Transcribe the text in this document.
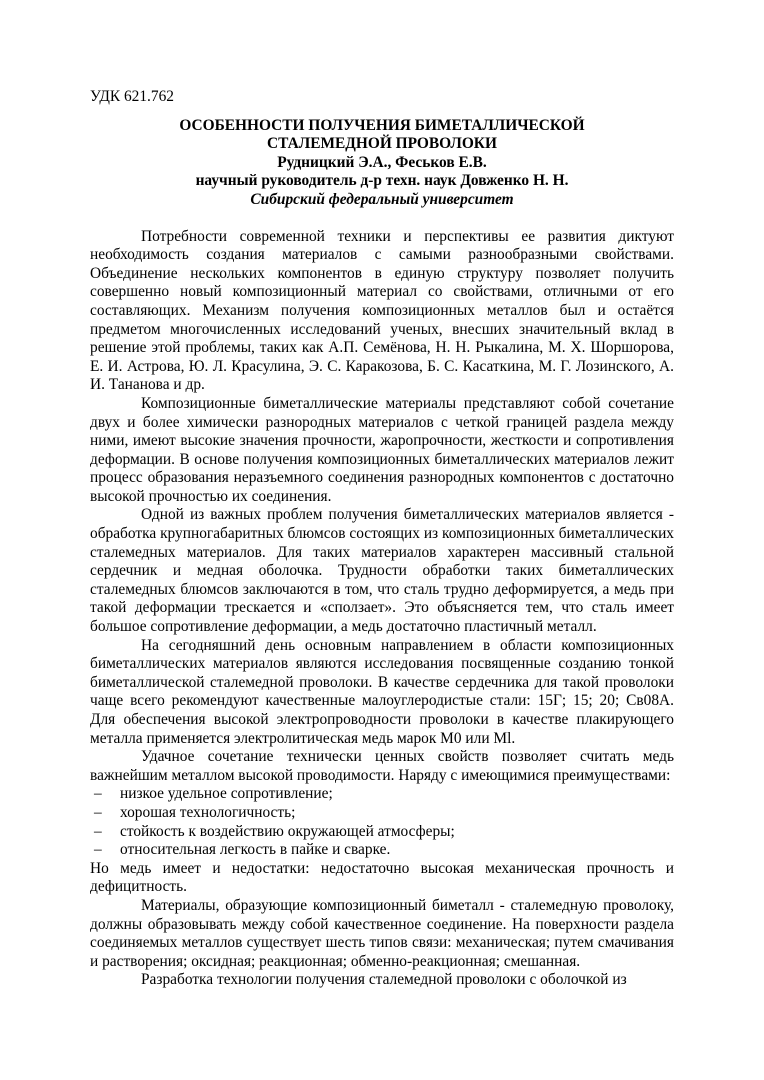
УДК 621.762

ОСОБЕННОСТИ ПОЛУЧЕНИЯ БИМЕТАЛЛИЧЕСКОЙ СТАЛЕМЕДНОЙ ПРОВОЛОКИ

Рудницкий Э.А., Феськов Е.В.

научный руководитель д-р техн. наук Довженко Н. Н.

Сибирский федеральный университет

Потребности современной техники и перспективы ее развития диктуют необходимость создания материалов с самыми разнообразными свойствами. Объединение нескольких компонентов в единую структуру позволяет получить совершенно новый композиционный материал со свойствами, отличными от его составляющих. Механизм получения композиционных металлов был и остаётся предметом многочисленных исследований ученых, внесших значительный вклад в решение этой проблемы, таких как А.П. Семёнова, Н. Н. Рыкалина, М. Х. Шоршорова, Е. И. Астрова, Ю. Л. Красулина, Э. С. Каракозова, Б. С. Касаткина, М. Г. Лозинского, А. И. Тананова и др.

Композиционные биметаллические материалы представляют собой сочетание двух и более химически разнородных материалов с четкой границей раздела между ними, имеют высокие значения прочности, жаропрочности, жесткости и сопротивления деформации. В основе получения композиционных биметаллических материалов лежит процесс образования неразъемного соединения разнородных компонентов с достаточно высокой прочностью их соединения.

Одной из важных проблем получения биметаллических материалов является - обработка крупногабаритных блюмсов состоящих из композиционных биметаллических сталемедных материалов. Для таких материалов характерен массивный стальной сердечник и медная оболочка. Трудности обработки таких биметаллических сталемедных блюмсов заключаются в том, что сталь трудно деформируется, а медь при такой деформации трескается и «сползает». Это объясняется тем, что сталь имеет большое сопротивление деформации, а медь достаточно пластичный металл.

На сегодняшний день основным направлением в области композиционных биметаллических материалов являются исследования посвященные созданию тонкой биметаллической сталемедной проволоки. В качестве сердечника для такой проволоки чаще всего рекомендуют качественные малоуглеродистые стали: 15Г; 15; 20; Св08А. Для обеспечения высокой электропроводности проволоки в качестве плакирующего металла применяется электролитическая медь марок М0 или Ml.

Удачное сочетание технически ценных свойств позволяет считать медь важнейшим металлом высокой проводимости. Наряду с имеющимися преимуществами:

– низкое удельное сопротивление;
– хорошая технологичность;
– стойкость к воздействию окружающей атмосферы;
– относительная легкость в пайке и сварке.

Но медь имеет и недостатки: недостаточно высокая механическая прочность и дефицитность.

Материалы, образующие композиционный биметалл - сталемедную проволоку, должны образовывать между собой качественное соединение. На поверхности раздела соединяемых металлов существует шесть типов связи: механическая; путем смачивания и растворения; оксидная; реакционная; обменно-реакционная; смешанная.

Разработка технологии получения сталемедной проволоки с оболочкой из
